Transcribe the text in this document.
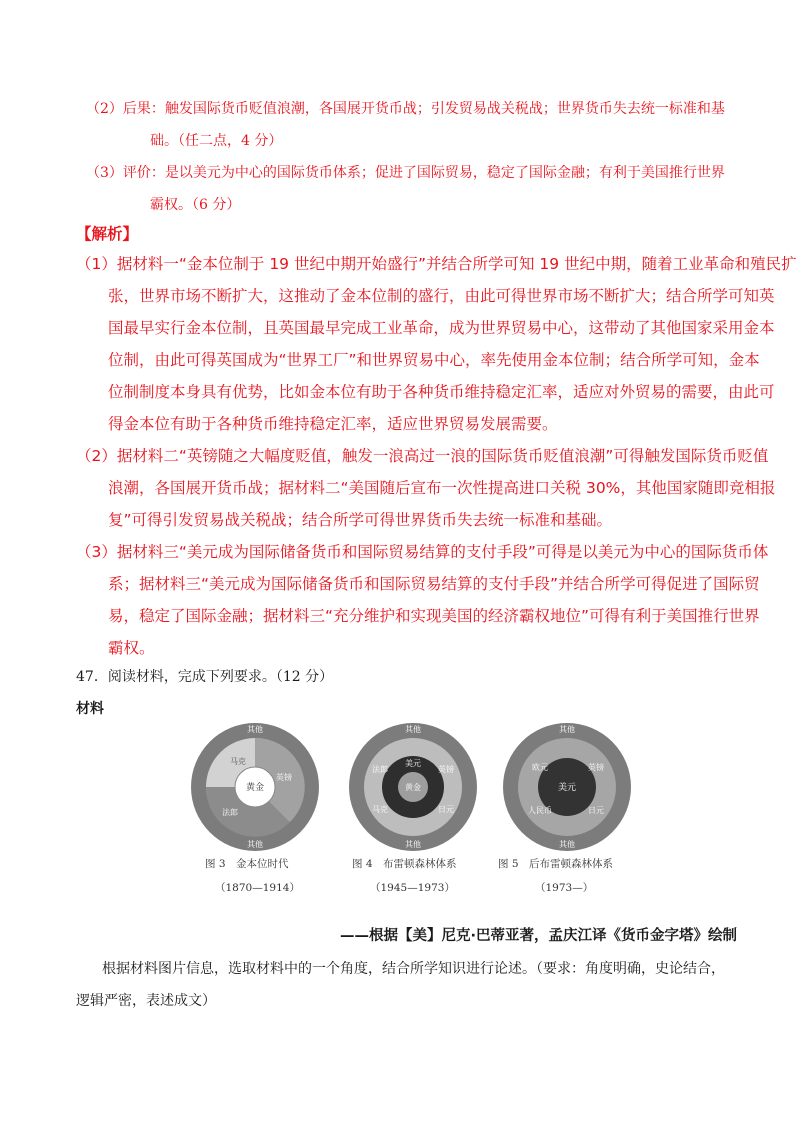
（2）后果：触发国际货币贬值浪潮，各国展开货币战；引发贸易战关税战；世界货币失去统一标准和基
础。（任二点，4 分）
（3）评价：是以美元为中心的国际货币体系；促进了国际贸易，稳定了国际金融；有利于美国推行世界
霸权。（6 分）
【解析】
（1）据材料一“金本位制于 19 世纪中期开始盛行”并结合所学可知 19 世纪中期，随着工业革命和殖民扩
张，世界市场不断扩大，这推动了金本位制的盛行，由此可得世界市场不断扩大；结合所学可知英
国最早实行金本位制，且英国最早完成工业革命，成为世界贸易中心，这带动了其他国家采用金本
位制，由此可得英国成为“世界工厂”和世界贸易中心，率先使用金本位制；结合所学可知，金本
位制制度本身具有优势，比如金本位有助于各种货币维持稳定汇率，适应对外贸易的需要，由此可
得金本位有助于各种货币维持稳定汇率，适应世界贸易发展需要。
（2）据材料二“英镑随之大幅度贬值，触发一浪高过一浪的国际货币贬值浪潮”可得触发国际货币贬值
浪潮，各国展开货币战；据材料二“美国随后宣布一次性提高进口关税 30%，其他国家随即竞相报
复”可得引发贸易战关税战；结合所学可得世界货币失去统一标准和基础。
（3）据材料三“美元成为国际储备货币和国际贸易结算的支付手段”可得是以美元为中心的国际货币体
系；据材料三“美元成为国际储备货币和国际贸易结算的支付手段”并结合所学可得促进了国际贸
易，稳定了国际金融；据材料三“充分维护和实现美国的经济霸权地位”可得有利于美国推行世界
霸权。
47．阅读材料，完成下列要求。（12 分）
材料
其他
其他
英镑
法郎
马克
黄金
其他
其他
法郎	英镑
马克	日元
美元
黄金
其他
其他
欧元	英镑
人民币	日元
美元
图 3　金本位时代
（1870—1914）
图 4　布雷顿森林体系
（1945—1973）
图 5　后布雷顿森林体系
（1973—）
——根据【美】尼克·巴蒂亚著，孟庆江译《货币金字塔》绘制
根据材料图片信息，选取材料中的一个角度，结合所学知识进行论述。（要求：角度明确，史论结合，
逻辑严密，表述成文）
